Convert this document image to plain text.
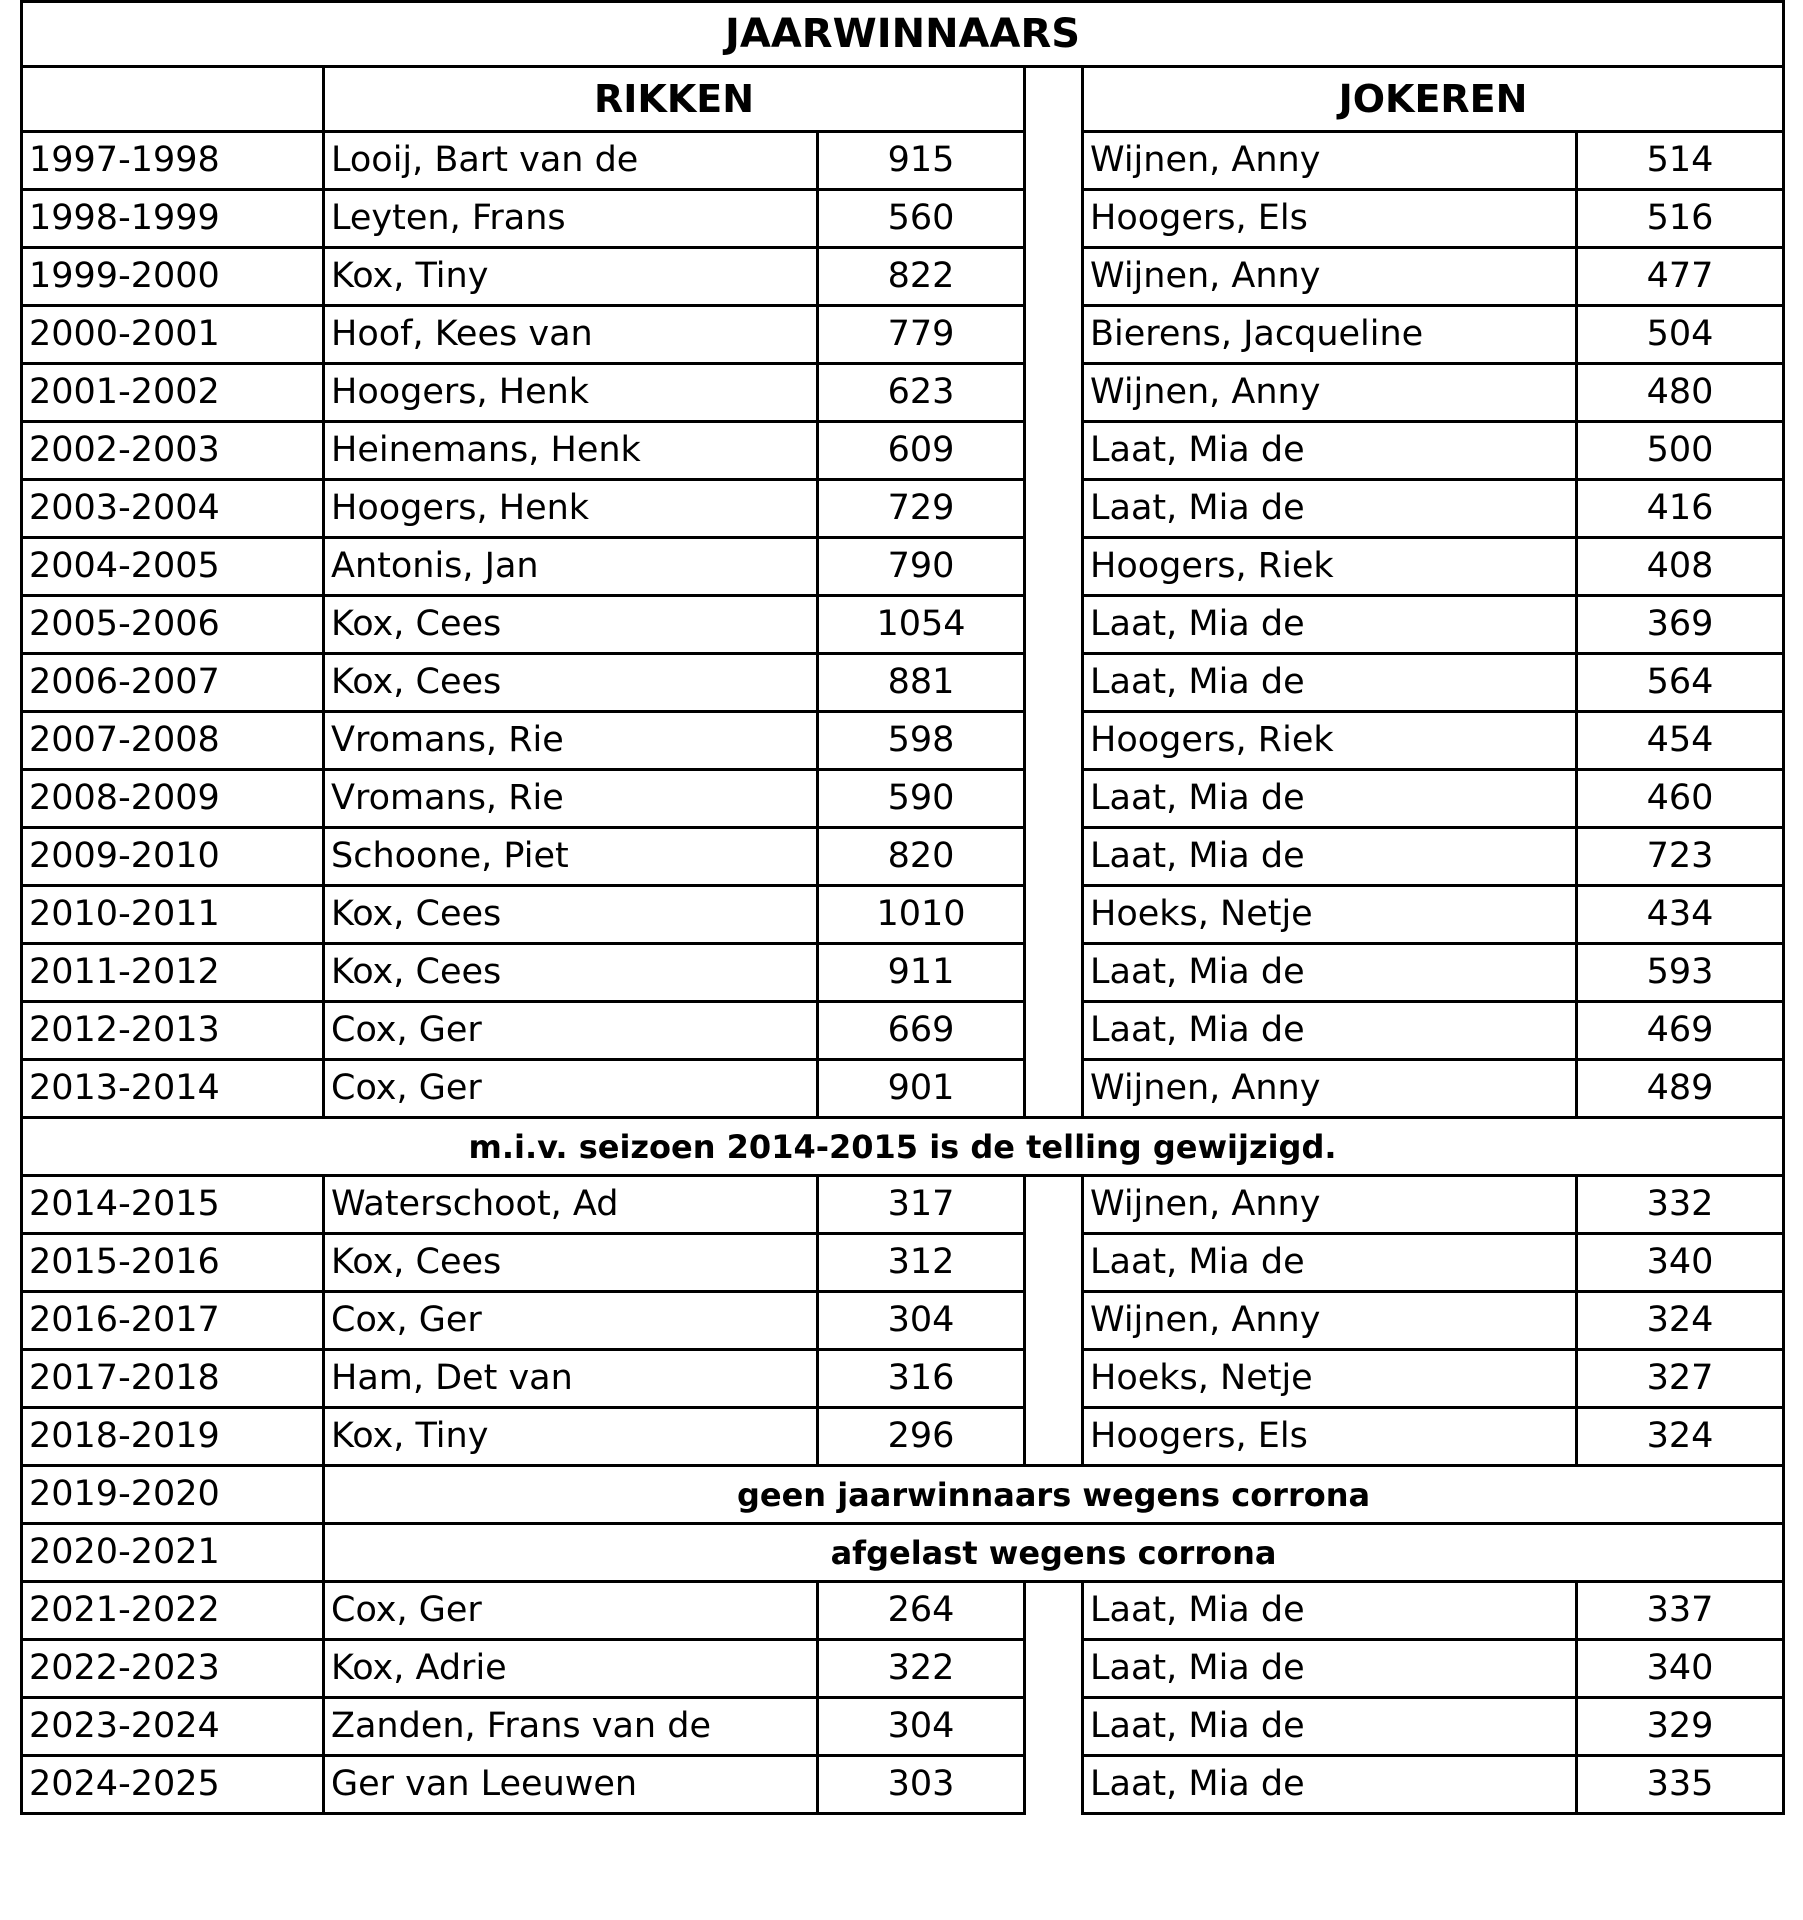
JAARWINNAARS					
	RIKKEN			JOKEREN	
1997-1998	Looij, Bart van de	915		Wijnen, Anny	514
1998-1999	Leyten, Frans	560		Hoogers, Els	516
1999-2000	Kox, Tiny	822		Wijnen, Anny	477
2000-2001	Hoof, Kees van	779		Bierens, Jacqueline	504
2001-2002	Hoogers, Henk	623		Wijnen, Anny	480
2002-2003	Heinemans, Henk	609		Laat, Mia de	500
2003-2004	Hoogers, Henk	729		Laat, Mia de	416
2004-2005	Antonis, Jan	790		Hoogers, Riek	408
2005-2006	Kox, Cees	1054		Laat, Mia de	369
2006-2007	Kox, Cees	881		Laat, Mia de	564
2007-2008	Vromans, Rie	598		Hoogers, Riek	454
2008-2009	Vromans, Rie	590		Laat, Mia de	460
2009-2010	Schoone, Piet	820		Laat, Mia de	723
2010-2011	Kox, Cees	1010		Hoeks, Netje	434
2011-2012	Kox, Cees	911		Laat, Mia de	593
2012-2013	Cox, Ger	669		Laat, Mia de	469
2013-2014	Cox, Ger	901		Wijnen, Anny	489
m.i.v. seizoen 2014-2015 is de telling gewijzigd.					
2014-2015	Waterschoot, Ad	317		Wijnen, Anny	332
2015-2016	Kox, Cees	312		Laat, Mia de	340
2016-2017	Cox, Ger	304		Wijnen, Anny	324
2017-2018	Ham, Det van	316		Hoeks, Netje	327
2018-2019	Kox, Tiny	296		Hoogers, Els	324
2019-2020	geen jaarwinnaars wegens corrona				
2020-2021	afgelast wegens corrona				
2021-2022	Cox, Ger	264		Laat, Mia de	337
2022-2023	Kox, Adrie	322		Laat, Mia de	340
2023-2024	Zanden, Frans van de	304		Laat, Mia de	329
2024-2025	Ger van Leeuwen	303		Laat, Mia de	335
